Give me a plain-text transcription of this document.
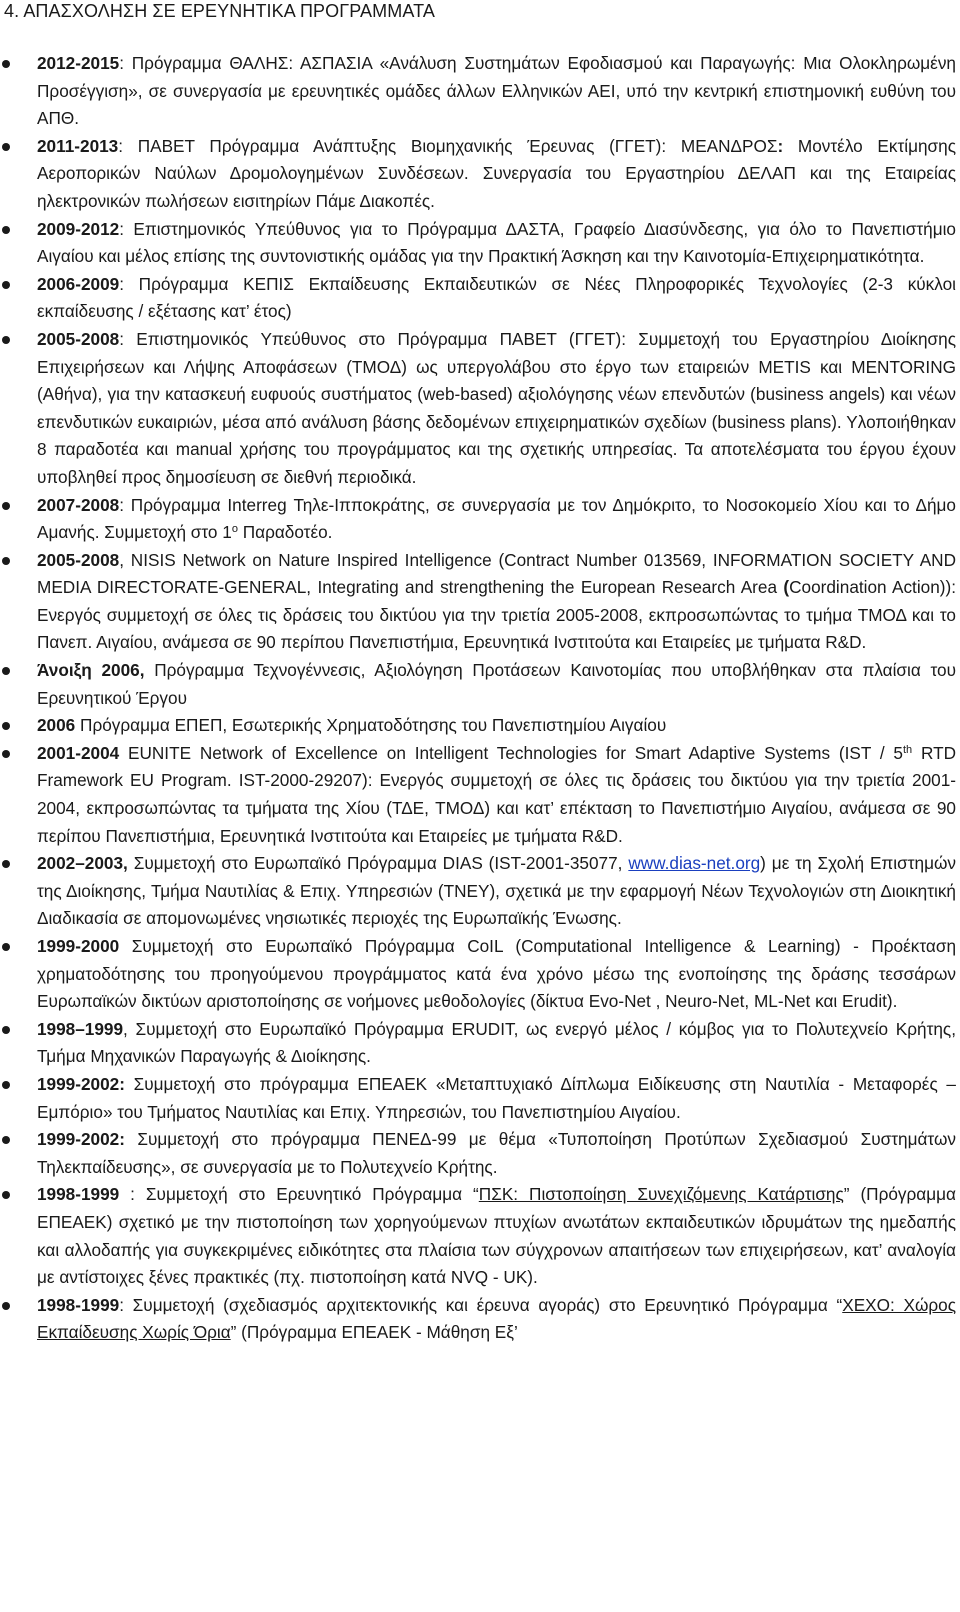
4. ΑΠΑΣΧΟΛΗΣΗ ΣΕ ΕΡΕΥΝΗΤΙΚΑ ΠΡΟΓΡΑΜΜΑΤΑ
2012-2015: Πρόγραμμα ΘΑΛΗΣ: ΑΣΠΑΣΙΑ «Ανάλυση Συστημάτων Εφοδιασμού και Παραγωγής: Μια Ολοκληρωμένη Προσέγγιση», σε συνεργασία με ερευνητικές ομάδες άλλων Ελληνικών ΑΕΙ, υπό την κεντρική επιστημονική ευθύνη του ΑΠΘ.
2011-2013: ΠΑΒΕΤ Πρόγραμμα Ανάπτυξης Βιομηχανικής Έρευνας (ΓΓΕΤ): ΜΕΑΝΔΡΟΣ: Μοντέλο Εκτίμησης Αεροπορικών Ναύλων Δρομολογημένων Συνδέσεων. Συνεργασία του Εργαστηρίου ΔΕΛΑΠ και της Εταιρείας ηλεκτρονικών πωλήσεων εισιτηρίων Πάμε Διακοπές.
2009-2012: Επιστημονικός Υπεύθυνος για το Πρόγραμμα ΔΑΣΤΑ, Γραφείο Διασύνδεσης, για όλο το Πανεπιστήμιο Αιγαίου και μέλος επίσης της συντονιστικής ομάδας για την Πρακτική Άσκηση και την Καινοτομία-Επιχειρηματικότητα.
2006-2009: Πρόγραμμα ΚΕΠΙΣ Εκπαίδευσης Εκπαιδευτικών σε Νέες Πληροφορικές Τεχνολογίες (2-3 κύκλοι εκπαίδευσης / εξέτασης κατ’ έτος)
2005-2008: Επιστημονικός Υπεύθυνος στο Πρόγραμμα ΠΑΒΕΤ (ΓΓΕΤ): Συμμετοχή του Εργαστηρίου Διοίκησης Επιχειρήσεων και Λήψης Αποφάσεων (ΤΜΟΔ) ως υπεργολάβου στο έργο των εταιρειών METIS και MENTORING (Αθήνα), για την κατασκευή ευφυούς συστήματος (web-based) αξιολόγησης νέων επενδυτών (business angels) και νέων επενδυτικών ευκαιριών, μέσα από ανάλυση βάσης δεδομένων επιχειρηματικών σχεδίων (business plans). Υλοποιήθηκαν 8 παραδοτέα και manual χρήσης του προγράμματος και της σχετικής υπηρεσίας. Τα αποτελέσματα του έργου έχουν υποβληθεί προς δημοσίευση σε διεθνή περιοδικά.
2007-2008: Πρόγραμμα Interreg Τηλε-Ιπποκράτης, σε συνεργασία με τον Δημόκριτο, το Νοσοκομείο Χίου και το Δήμο Αμανής. Συμμετοχή στο $1^o$ Παραδοτέο.
2005-2008, NISIS Network on Nature Inspired Intelligence (Contract Number 013569, INFORMATION SOCIETY AND MEDIA DIRECTORATE-GENERAL, Integrating and strengthening the European Research Area (Coordination Action)): Ενεργός συμμετοχή σε όλες τις δράσεις του δικτύου για την τριετία 2005-2008, εκπροσωπώντας το τμήμα ΤΜΟΔ και το Πανεπ. Αιγαίου, ανάμεσα σε 90 περίπου Πανεπιστήμια, Ερευνητικά Ινστιτούτα και Εταιρείες με τμήματα R&D.
Άνοιξη 2006, Πρόγραμμα Τεχνογέννεσις, Αξιολόγηση Προτάσεων Καινοτομίας που υποβλήθηκαν στα πλαίσια του Ερευνητικού Έργου
2006 Πρόγραμμα ΕΠΕΠ, Εσωτερικής Χρηματοδότησης του Πανεπιστημίου Αιγαίου
2001-2004 EUNITE Network of Excellence on Intelligent Technologies for Smart Adaptive Systems (IST / 5th RTD Framework EU Program. IST-2000-29207): Ενεργός συμμετοχή σε όλες τις δράσεις του δικτύου για την τριετία 2001-2004, εκπροσωπώντας τα τμήματα της Χίου (ΤΔΕ, ΤΜΟΔ) και κατ’ επέκταση το Πανεπιστήμιο Αιγαίου, ανάμεσα σε 90 περίπου Πανεπιστήμια, Ερευνητικά Ινστιτούτα και Εταιρείες με τμήματα R&D.
2002–2003, Συμμετοχή στο Ευρωπαϊκό Πρόγραμμα DIAS (IST-2001-35077, www.dias-net.org) με τη Σχολή Επιστημών της Διοίκησης, Τμήμα Ναυτιλίας & Επιχ. Υπηρεσιών (ΤΝΕΥ), σχετικά με την εφαρμογή Νέων Τεχνολογιών στη Διοικητική Διαδικασία σε απομονωμένες νησιωτικές περιοχές της Ευρωπαϊκής Ένωσης.
1999-2000 Συμμετοχή στο Ευρωπαϊκό Πρόγραμμα CoIL (Computational Intelligence & Learning) - Προέκταση χρηματοδότησης του προηγούμενου προγράμματος κατά ένα χρόνο μέσω της ενοποίησης της δράσης τεσσάρων Ευρωπαϊκών δικτύων αριστοποίησης σε νοήμονες μεθοδολογίες (δίκτυα Evo-Net , Neuro-Net, ML-Net και Erudit).
1998–1999, Συμμετοχή στο Ευρωπαϊκό Πρόγραμμα ERUDIT, ως ενεργό μέλος / κόμβος για το Πολυτεχνείο Κρήτης, Τμήμα Μηχανικών Παραγωγής & Διοίκησης.
1999-2002: Συμμετοχή στο πρόγραμμα ΕΠΕΑΕΚ «Μεταπτυχιακό Δίπλωμα Ειδίκευσης στη Ναυτιλία - Μεταφορές – Εμπόριο» του Τμήματος Ναυτιλίας και Επιχ. Υπηρεσιών, του Πανεπιστημίου Αιγαίου.
1999-2002: Συμμετοχή στο πρόγραμμα ΠΕΝΕΔ-99 με θέμα «Τυποποίηση Προτύπων Σχεδιασμού Συστημάτων Τηλεκπαίδευσης», σε συνεργασία με το Πολυτεχνείο Κρήτης.
1998-1999 : Συμμετοχή στο Ερευνητικό Πρόγραμμα “ΠΣΚ: Πιστοποίηση Συνεχιζόμενης Κατάρτισης” (Πρόγραμμα ΕΠΕΑΕΚ) σχετικό με την πιστοποίηση των χορηγούμενων πτυχίων ανωτάτων εκπαιδευτικών ιδρυμάτων της ημεδαπής και αλλοδαπής για συγκεκριμένες ειδικότητες στα πλαίσια των σύγχρονων απαιτήσεων των επιχειρήσεων, κατ’ αναλογία με αντίστοιχες ξένες πρακτικές (πχ. πιστοποίηση κατά NVQ - UK).
1998-1999: Συμμετοχή (σχεδιασμός αρχιτεκτονικής και έρευνα αγοράς) στο Ερευνητικό Πρόγραμμα “ΧΕΧΟ: Χώρος Εκπαίδευσης Χωρίς Όρια” (Πρόγραμμα ΕΠΕΑΕΚ - Μάθηση Εξ’
